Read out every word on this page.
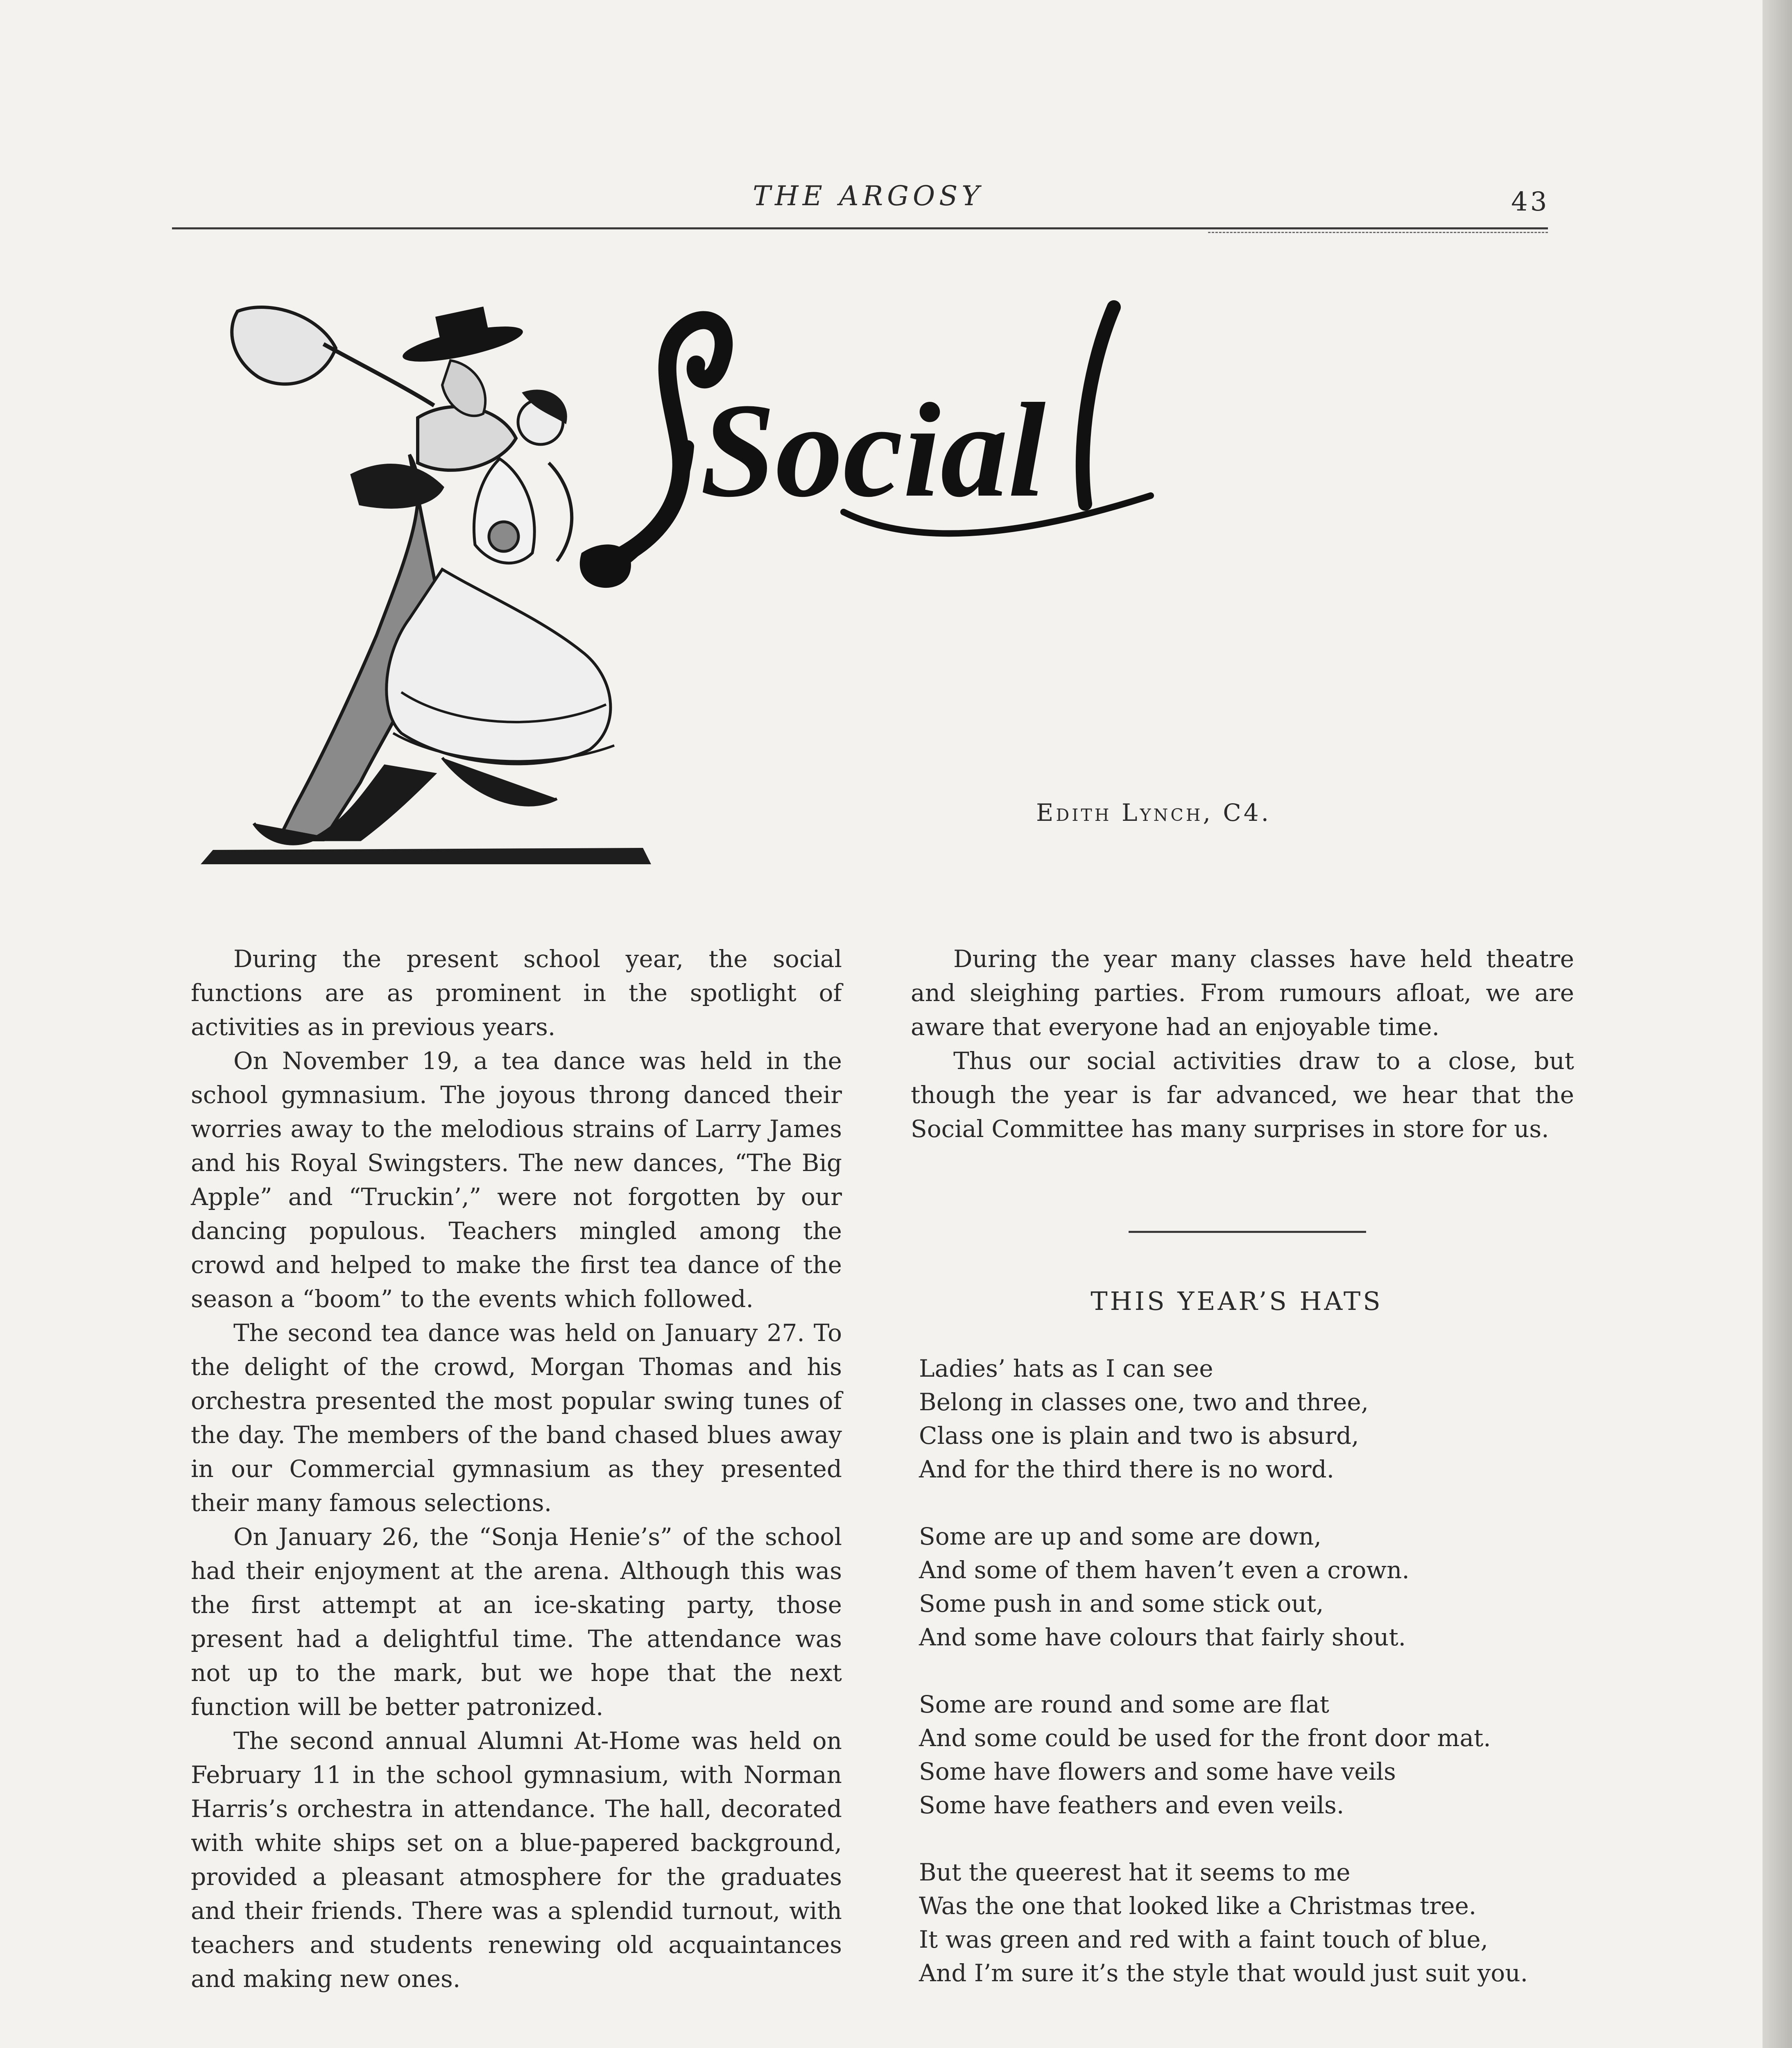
THE ARGOSY	43
Social
Edith Lynch, C4.

During the present school year, the social functions are as prominent in the spotlight of activities as in previous years.

On November 19, a tea dance was held in the school gymnasium. The joyous throng danced their worries away to the melodious strains of Larry James and his Royal Swingsters. The new dances, “The Big Apple” and “Truckin’,” were not forgotten by our dancing populous. Teachers mingled among the crowd and helped to make the first tea dance of the season a “boom” to the events which followed.

The second tea dance was held on January 27. To the delight of the crowd, Morgan Thomas and his orchestra presented the most popular swing tunes of the day. The members of the band chased blues away in our Commercial gymnasium as they presented their many famous selections.

On January 26, the “Sonja Henie’s” of the school had their enjoyment at the arena. Although this was the first attempt at an ice-skating party, those present had a delightful time. The attendance was not up to the mark, but we hope that the next function will be better patronized.

The second annual Alumni At-Home was held on February 11 in the school gymnasium, with Norman Harris’s orchestra in attendance. The hall, decorated with white ships set on a blue-papered background, provided a pleasant atmosphere for the graduates and their friends. There was a splendid turnout, with teachers and students renewing old acquaintances and making new ones.

During the year many classes have held theatre and sleighing parties. From rumours afloat, we are aware that everyone had an enjoyable time.

Thus our social activities draw to a close, but though the year is far advanced, we hear that the Social Committee has many surprises in store for us.

THIS YEAR’S HATS
Ladies’ hats as I can see
Belong in classes one, two and three,
Class one is plain and two is absurd,
And for the third there is no word.
Some are up and some are down,
And some of them haven’t even a crown.
Some push in and some stick out,
And some have colours that fairly shout.
Some are round and some are flat
And some could be used for the front door mat.
Some have flowers and some have veils
Some have feathers and even veils.
But the queerest hat it seems to me
Was the one that looked like a Christmas tree.
It was green and red with a faint touch of blue,
And I’m sure it’s the style that would just suit you.
